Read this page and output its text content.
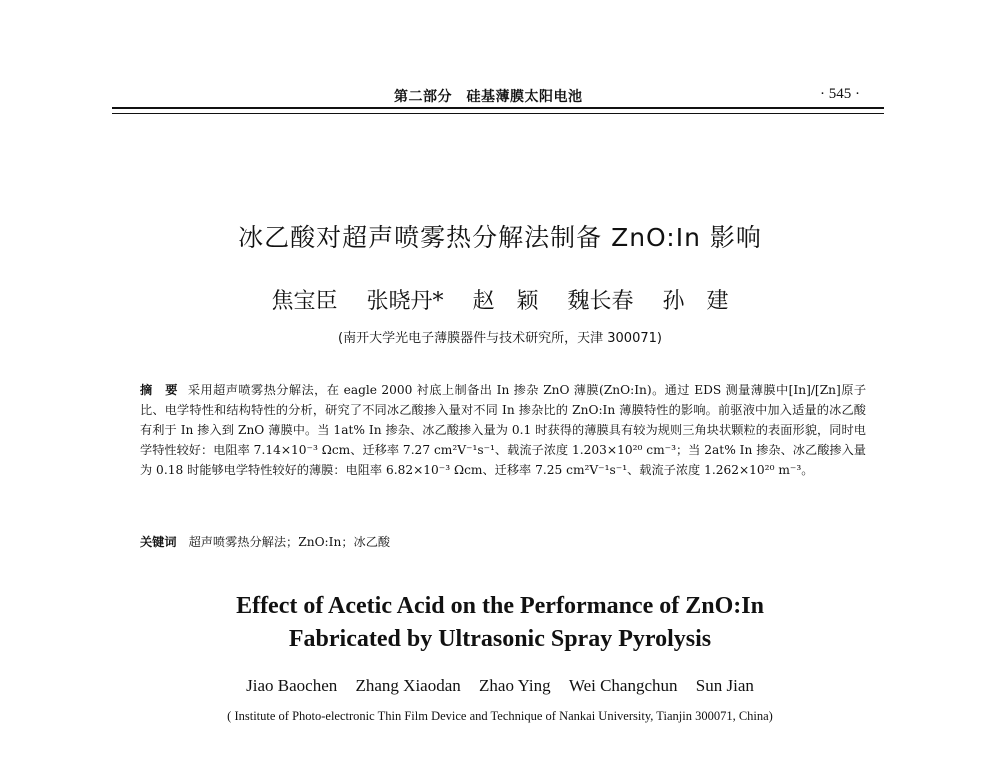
第二部分　硅基薄膜太阳电池	· 545 ·
冰乙酸对超声喷雾热分解法制备 ZnO:In 影响
焦宝臣 张晓丹* 赵　颖 魏长春 孙　建
(南开大学光电子薄膜器件与技术研究所，天津 300071)
摘　要 采用超声喷雾热分解法，在 eagle 2000 衬底上制备出 In 掺杂 ZnO 薄膜(ZnO:In)。通过 EDS 测量薄膜中[In]/[Zn]原子比、电学特性和结构特性的分析，研究了不同冰乙酸掺入量对不同 In 掺杂比的 ZnO:In 薄膜特性的影响。前驱液中加入适量的冰乙酸有利于 In 掺入到 ZnO 薄膜中。当 1at% In 掺杂、冰乙酸掺入量为 0.1 时获得的薄膜具有较为规则三角块状颗粒的表面形貌，同时电学特性较好：电阻率 7.14×10⁻³ Ωcm、迁移率 7.27 cm²V⁻¹s⁻¹、载流子浓度 1.203×10²⁰ cm⁻³；当 2at% In 掺杂、冰乙酸掺入量为 0.18 时能够电学特性较好的薄膜：电阻率 6.82×10⁻³ Ωcm、迁移率 7.25 cm²V⁻¹s⁻¹、载流子浓度 1.262×10²⁰ m⁻³。
关键词 超声喷雾热分解法；ZnO:In；冰乙酸
Effect of Acetic Acid on the Performance of ZnO:In
Fabricated by Ultrasonic Spray Pyrolysis
Jiao Baochen Zhang Xiaodan Zhao Ying Wei Changchun Sun Jian
( Institute of Photo-electronic Thin Film Device and Technique of Nankai University, Tianjin 300071, China)
